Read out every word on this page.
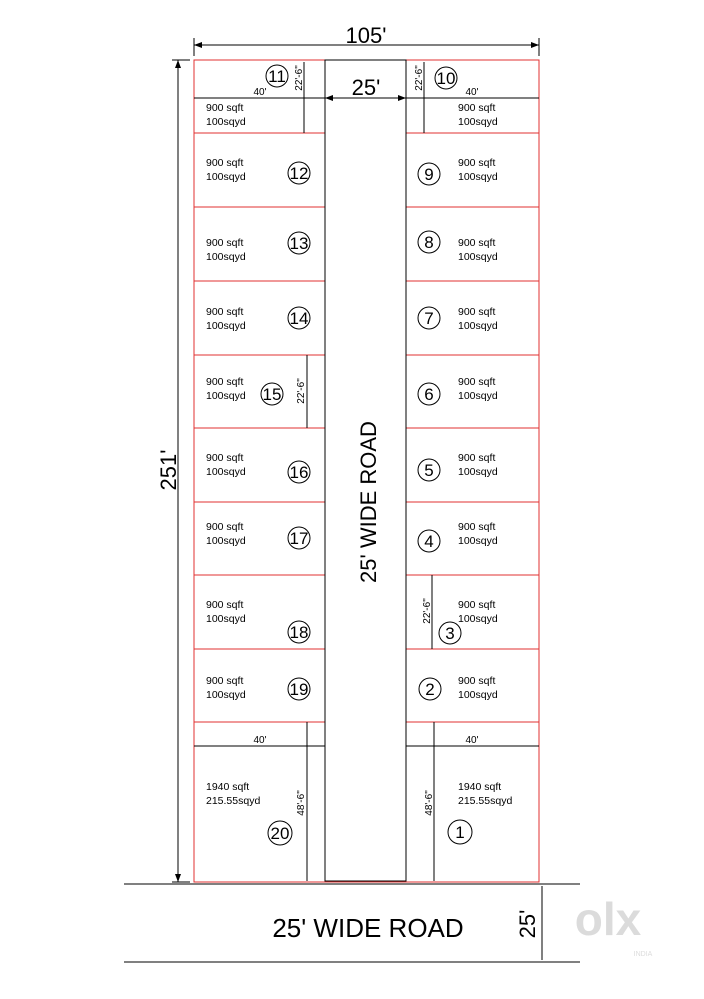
105'
251'
25'
25' WIDE ROAD
40'
22'-6"
40'
22'-6"
22'-6"
22'-6"
40'
48'-6"
40'
48'-6"
900 sqft
100sqyd
11
900 sqft
100sqyd	12
900 sqft
100sqyd
13
900 sqft
100sqyd	14
900 sqft
100sqyd 15
900 sqft
100sqyd	16
900 sqft
100sqyd	17
900 sqft
100sqyd
18
900 sqft
100sqyd	19
1940 sqft
215.55sqyd
20
900 sqft
100sqyd
10
900 sqft
100sqyd
9
900 sqft
100sqyd
8
900 sqft
100sqyd
7
900 sqft
100sqyd
6
900 sqft
100sqyd
5
900 sqft
100sqyd
4
900 sqft
100sqyd
3
900 sqft
100sqyd
2
1940 sqft
215.55sqyd
1
25' WIDE ROAD 25' olx
INDIA
